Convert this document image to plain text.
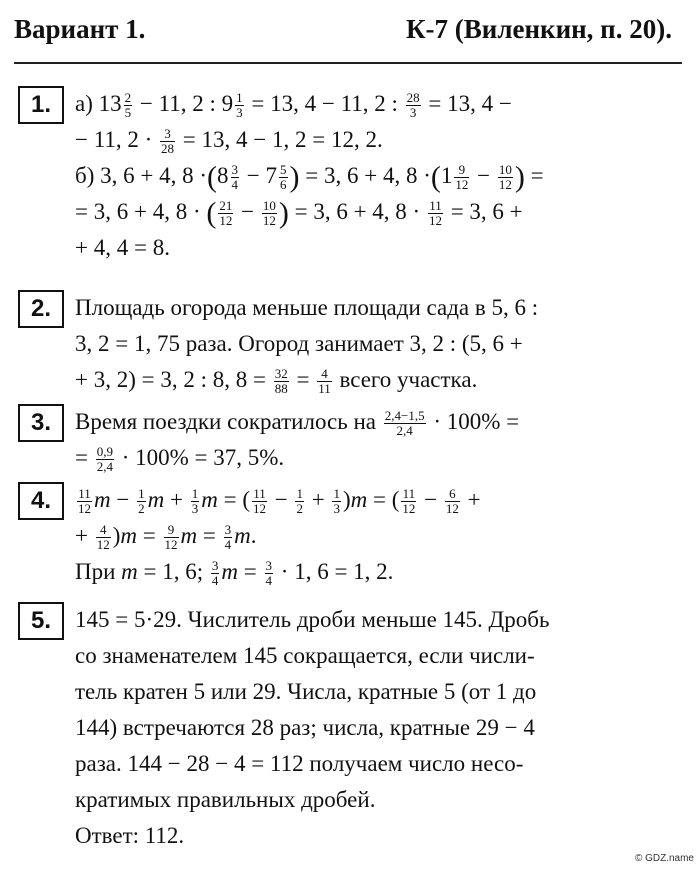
Вариант 1.	К-7 (Виленкин, п. 20).
1.	а) $13 \frac{2}{5} - 11$, 2 : $9 \frac{1}{3} = 13$, 4 − 11, 2 : $\frac{28}{3} = 13$, 4 −
− 11, $2 \cdot \frac{3}{28} = 13$, 4 − 1, 2 = 12, 2.
б) 3, 6 + 4, $8 \cdot(8 \frac{3}{4} - 7 \frac{5}{6}$ ) = 3, 6 + 4, $8 \cdot(1 \frac{9}{12} - \frac{10}{12}$ ) =
= 3, 6 + 4, 8 · ( $\frac{21}{12} - \frac{10}{12}$ ) = 3, 6 + 4, $8 \cdot \frac{11}{12} = 3$, 6 +
+ 4, 4 = 8.
2.	Площадь огорода меньше площади сада в 5, 6 :
3, 2 = 1, 75 раза. Огород занимает 3, 2 : (5, 6 +
+ 3, 2) = 3, 2 : 8, $8 = \frac{32}{88} = \frac{4}{11}$ всего участка.
3.	Время поездки сократилось на $\frac{2,4-1,5}{2,4} \cdot 100\%$ =
= $\frac{0,9}{2,4} \cdot 100\% = 37$, 5%.
4.	$\frac{11}{12}$ $m - \frac{1}{2}$ $m + \frac{1}{3}$ m = ( $\frac{11}{12} - \frac{1}{2} + \frac{1}{3} )m$ = ( $\frac{11}{12} - \frac{6}{12}$ +
+ $\frac{4}{12} )m = \frac{9}{12}$ $m = \frac{3}{4} m$.
При m = 1, 6; $\frac{3}{4}$ $m = \frac{3}{4} \cdot 1$, 6 = 1, 2.
5.	145 = 5·29. Числитель дроби меньше 145. Дробь
со знаменателем 145 сокращается, если числи-
тель кратен 5 или 29. Числа, кратные 5 (от 1 до
144) встречаются 28 раз; числа, кратные 29 − 4
раза. 144 − 28 − 4 = 112 получаем число несо-
кратимых правильных дробей.
Ответ: 112.
© GDZ.name
